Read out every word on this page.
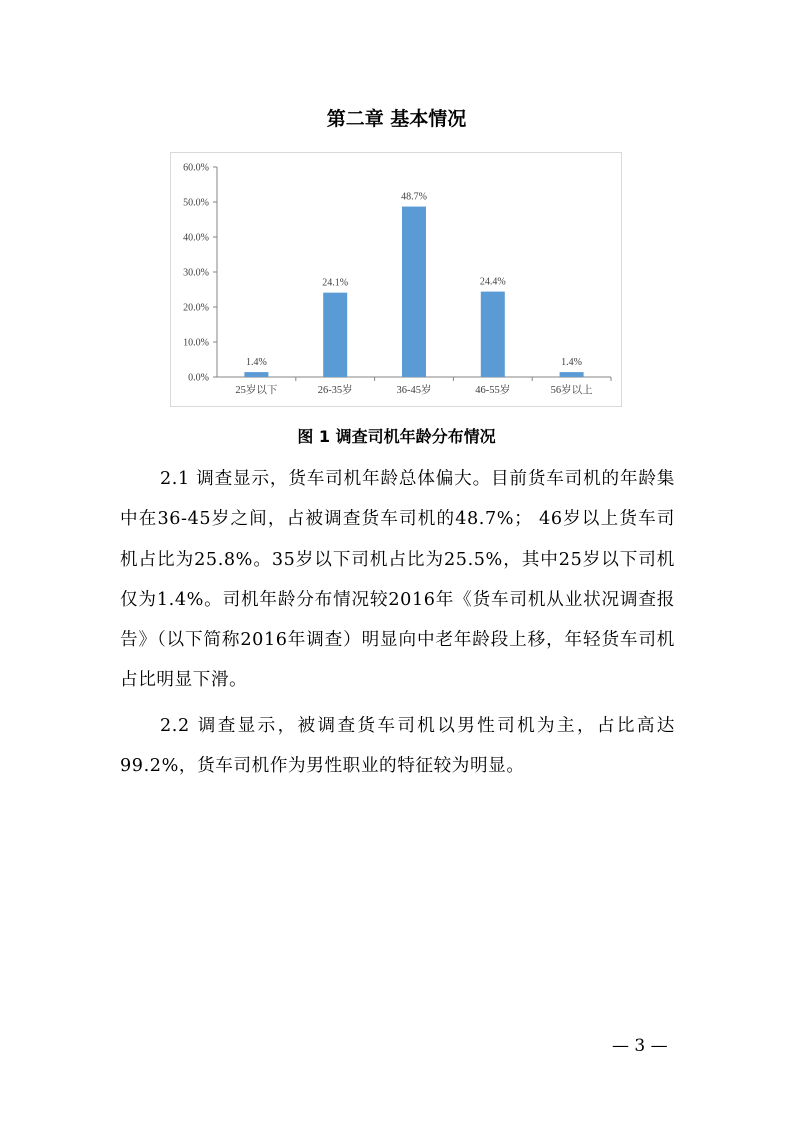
第二章 基本情况
0.0%
10.0%
20.0%
30.0%
40.0%
50.0%
60.0%
1.4%
25岁以下
24.1%
26-35岁
48.7%
36-45岁
24.4%
46-55岁
1.4%
56岁以上
图 1 调查司机年龄分布情况
2.1 调查显示，货车司机年龄总体偏大。目前货车司机的年龄集中在36-45岁之间，占被调查货车司机的48.7%； 46岁以上货车司机占比为25.8%。35岁以下司机占比为25.5%，其中25岁以下司机仅为1.4%。司机年龄分布情况较2016年《货车司机从业状况调查报告》（以下简称2016年调查）明显向中老年龄段上移，年轻货车司机占比明显下滑。
2.2 调查显示，被调查货车司机以男性司机为主，占比高达99.2%，货车司机作为男性职业的特征较为明显。
— 3 —
